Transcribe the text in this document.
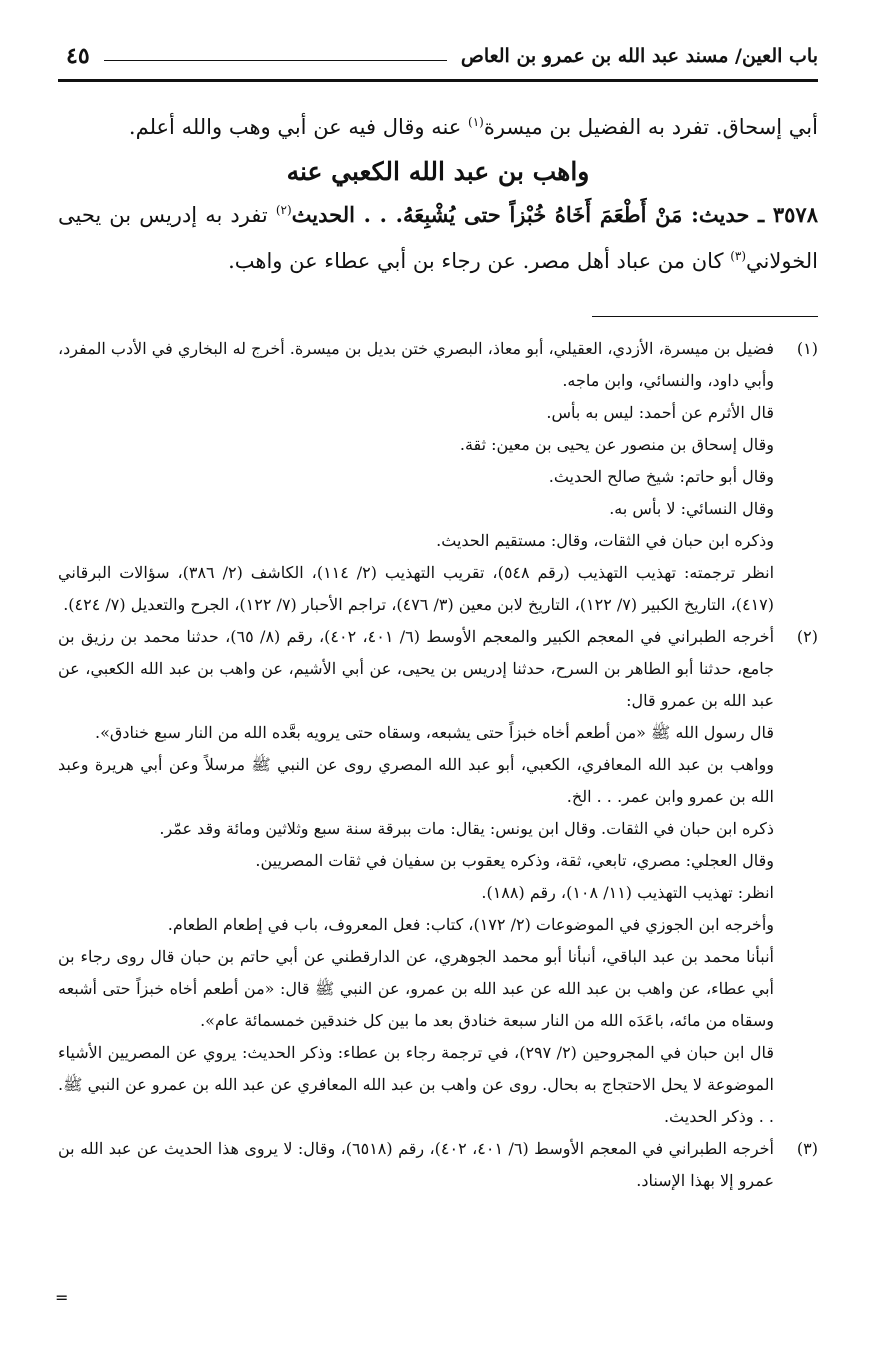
باب العين/ مسند عبد الله بن عمرو بن العاص
٤٥

أبي إسحاق. تفرد به الفضيل بن ميسرة$^{(١)}$ عنه وقال فيه عن أبي وهب والله أعلم.

واهب بن عبد الله الكعبي عنه

٣٥٧٨ ـ حديث: مَنْ أَطْعَمَ أَخَاهُ خُبْزاً حتى يُشْبِعَهُ. . . الحديث$^{(٢)}$ تفرد به إدريس بن يحيى الخولاني$^{(٣)}$ كان من عباد أهل مصر. عن رجاء بن أبي عطاء عن واهب.

(١)

فضيل بن ميسرة، الأزدي، العقيلي، أبو معاذ، البصري ختن بديل بن ميسرة. أخرج له البخاري في الأدب المفرد، وأبي داود، والنسائي، وابن ماجه.

قال الأثرم عن أحمد: ليس به بأس.

وقال إسحاق بن منصور عن يحيى بن معين: ثقة.

وقال أبو حاتم: شيخ صالح الحديث.

وقال النسائي: لا بأس به.

وذكره ابن حبان في الثقات، وقال: مستقيم الحديث.

انظر ترجمته: تهذيب التهذيب (رقم ٥٤٨)، تقريب التهذيب (٢/ ١١٤)، الكاشف (٢/ ٣٨٦)، سؤالات البرقاني (٤١٧)، التاريخ الكبير (٧/ ١٢٢)، التاريخ لابن معين (٣/ ٤٧٦)، تراجم الأحبار (٧/ ١٢٢)، الجرح والتعديل (٧/ ٤٢٤).

(٢)

أخرجه الطبراني في المعجم الكبير والمعجم الأوسط (٦/ ٤٠١، ٤٠٢)، رقم (٨/ ٦٥)، حدثنا محمد بن رزيق بن جامع، حدثنا أبو الطاهر بن السرح، حدثنا إدريس بن يحيى، عن أبي الأشيم، عن واهب بن عبد الله الكعبي، عن عبد الله بن عمرو قال:

قال رسول الله ﷺ «من أطعم أخاه خبزاً حتى يشبعه، وسقاه حتى يرويه بعَّده الله من النار سبع خنادق».

وواهب بن عبد الله المعافري، الكعبي، أبو عبد الله المصري روى عن النبي ﷺ مرسلاً وعن أبي هريرة وعبد الله بن عمرو وابن عمر. . . الخ.

ذكره ابن حبان في الثقات. وقال ابن يونس: يقال: مات ببرقة سنة سبع وثلاثين ومائة وقد عمّر.

وقال العجلي: مصري، تابعي، ثقة، وذكره يعقوب بن سفيان في ثقات المصريين.

انظر: تهذيب التهذيب (١١/ ١٠٨)، رقم (١٨٨).

وأخرجه ابن الجوزي في الموضوعات (٢/ ١٧٢)، كتاب: فعل المعروف، باب في إطعام الطعام.

أنبأنا محمد بن عبد الباقي، أنبأنا أبو محمد الجوهري، عن الدارقطني عن أبي حاتم بن حبان قال روى رجاء بن أبي عطاء، عن واهب بن عبد الله عن عبد الله بن عمرو، عن النبي ﷺ قال: «من أطعم أخاه خبزاً حتى أشبعه وسقاه من مائه، باعَدَه الله من النار سبعة خنادق بعد ما بين كل خندقين خمسمائة عام».

قال ابن حبان في المجروحين (٢/ ٢٩٧)، في ترجمة رجاء بن عطاء: وذكر الحديث: يروي عن المصريين الأشياء الموضوعة لا يحل الاحتجاج به بحال. روى عن واهب بن عبد الله المعافري عن عبد الله بن عمرو عن النبي ﷺ. . . وذكر الحديث.

(٣)

أخرجه الطبراني في المعجم الأوسط (٦/ ٤٠١، ٤٠٢)، رقم (٦٥١٨)، وقال: لا يروى هذا الحديث عن عبد الله بن عمرو إلا بهذا الإسناد.

=
